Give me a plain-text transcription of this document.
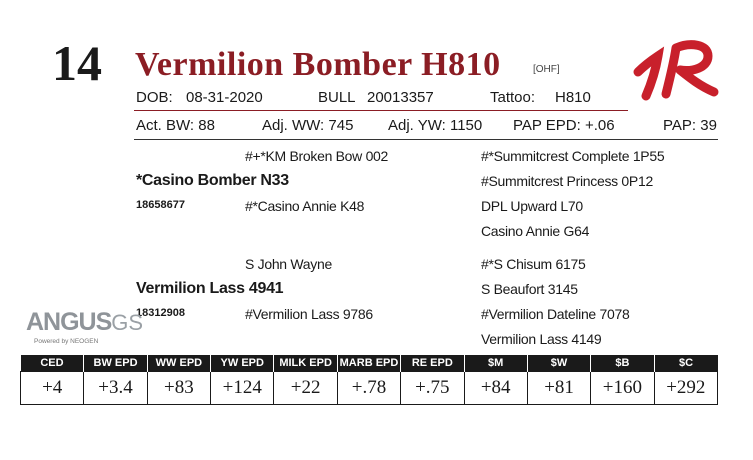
14 Vermilion Bomber H810	[OHF]
DOB: 08-31-2020	BULL 20013357	Tattoo: H810
Act. BW: 88	Adj. WW: 745 Adj. YW: 1150 PAP EPD: +.06	PAP: 39
#+*KM Broken Bow 002
*Casino Bomber N33
18658677	#*Casino Annie K48
#*Summitcrest Complete 1P55
#Summitcrest Princess 0P12
DPL Upward L70
Casino Annie G64
S John Wayne
Vermilion Lass 4941
18312908	#Vermilion Lass 9786
#*S Chisum 6175
S Beaufort 3145
#Vermilion Dateline 7078
Vermilion Lass 4149
ANGUSGS
Powered by NEOGEN
CED	BW EPD	WW EPD	YW EPD	MILK EPD	MARB EPD	RE EPD	$M	$W	$B	$C
+4	+3.4	+83	+124	+22	+.78	+.75	+84	+81	+160	+292
